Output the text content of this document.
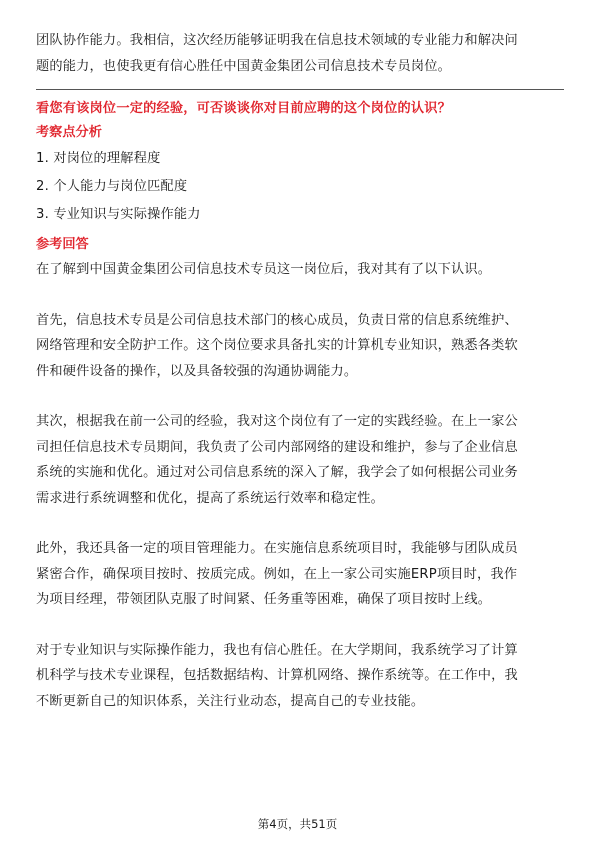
团队协作能力。我相信，这次经历能够证明我在信息技术领域的专业能力和解决问

题的能力，也使我更有信心胜任中国黄金集团公司信息技术专员岗位。

看您有该岗位一定的经验，可否谈谈你对目前应聘的这个岗位的认识？
考察点分析

1. 对岗位的理解程度

2. 个人能力与岗位匹配度

3. 专业知识与实际操作能力

参考回答

在了解到中国黄金集团公司信息技术专员这一岗位后，我对其有了以下认识。

首先，信息技术专员是公司信息技术部门的核心成员，负责日常的信息系统维护、

网络管理和安全防护工作。这个岗位要求具备扎实的计算机专业知识，熟悉各类软

件和硬件设备的操作，以及具备较强的沟通协调能力。

其次，根据我在前一公司的经验，我对这个岗位有了一定的实践经验。在上一家公

司担任信息技术专员期间，我负责了公司内部网络的建设和维护，参与了企业信息

系统的实施和优化。通过对公司信息系统的深入了解，我学会了如何根据公司业务

需求进行系统调整和优化，提高了系统运行效率和稳定性。

此外，我还具备一定的项目管理能力。在实施信息系统项目时，我能够与团队成员

紧密合作，确保项目按时、按质完成。例如，在上一家公司实施ERP项目时，我作

为项目经理，带领团队克服了时间紧、任务重等困难，确保了项目按时上线。

对于专业知识与实际操作能力，我也有信心胜任。在大学期间，我系统学习了计算

机科学与技术专业课程，包括数据结构、计算机网络、操作系统等。在工作中，我

不断更新自己的知识体系，关注行业动态，提高自己的专业技能。

第4页，共51页
